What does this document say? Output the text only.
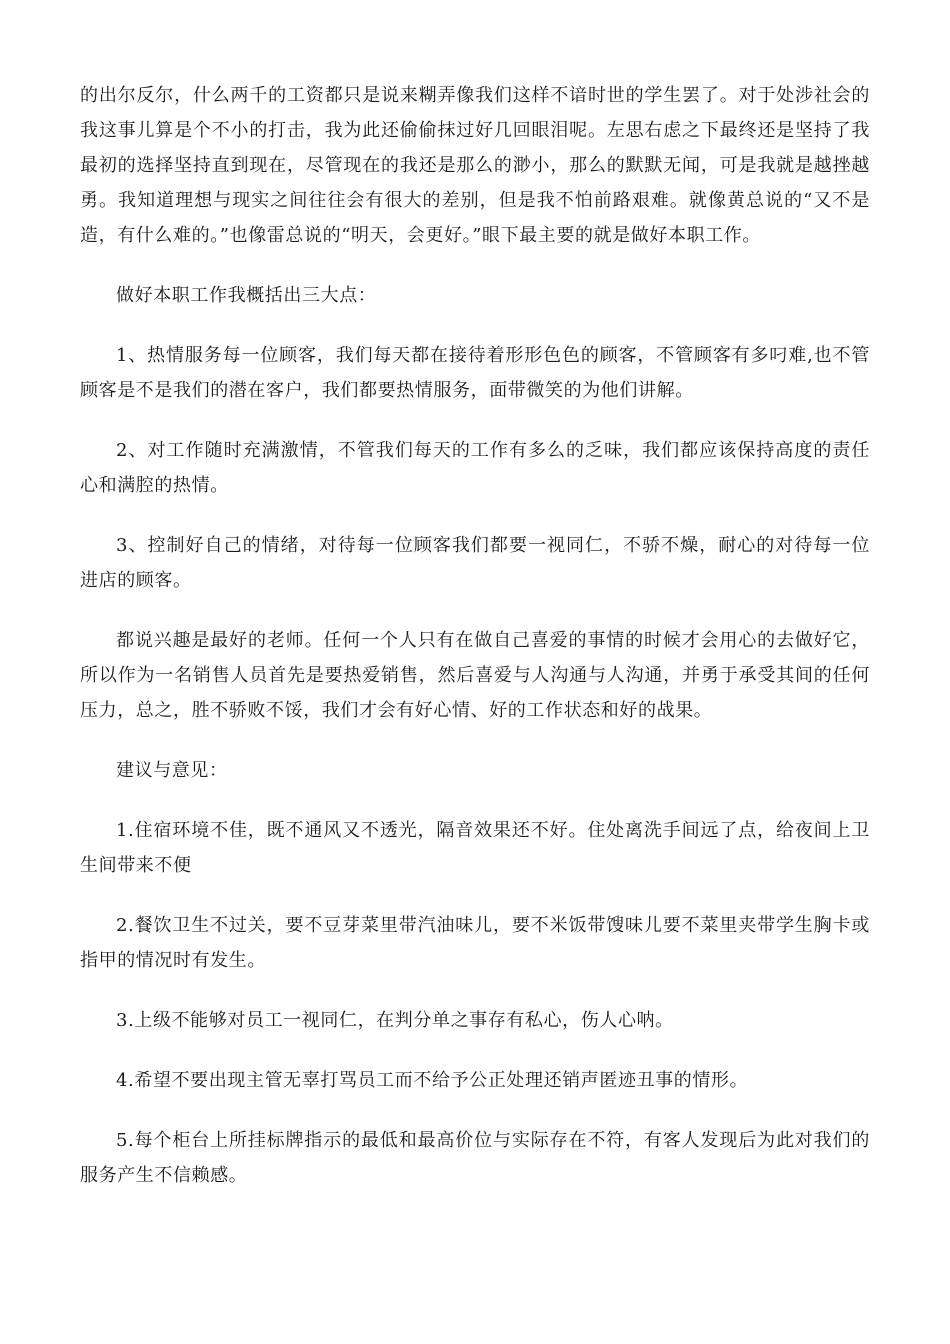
的出尔反尔，什么两千的工资都只是说来糊弄像我们这样不谙时世的学生罢了。对于处涉社会的我这事儿算是个不小的打击，我为此还偷偷抹过好几回眼泪呢。左思右虑之下最终还是坚持了我最初的选择坚持直到现在，尽管现在的我还是那么的渺小，那么的默默无闻，可是我就是越挫越勇。我知道理想与现实之间往往会有很大的差别，但是我不怕前路艰难。就像黄总说的“又不是造，有什么难的。”也像雷总说的“明天，会更好。”眼下最主要的就是做好本职工作。

做好本职工作我概括出三大点：

1、热情服务每一位顾客，我们每天都在接待着形形色色的顾客，不管顾客有多叼难,也不管顾客是不是我们的潜在客户，我们都要热情服务，面带微笑的为他们讲解。

2、对工作随时充满激情，不管我们每天的工作有多么的乏味，我们都应该保持高度的责任心和满腔的热情。

3、控制好自己的情绪，对待每一位顾客我们都要一视同仁，不骄不燥，耐心的对待每一位进店的顾客。

都说兴趣是最好的老师。任何一个人只有在做自己喜爱的事情的时候才会用心的去做好它，所以作为一名销售人员首先是要热爱销售，然后喜爱与人沟通与人沟通，并勇于承受其间的任何压力，总之，胜不骄败不馁，我们才会有好心情、好的工作状态和好的战果。

建议与意见：

1.住宿环境不佳，既不通风又不透光，隔音效果还不好。住处离洗手间远了点，给夜间上卫生间带来不便

2.餐饮卫生不过关，要不豆芽菜里带汽油味儿，要不米饭带馊味儿要不菜里夹带学生胸卡或指甲的情况时有发生。

3.上级不能够对员工一视同仁，在判分单之事存有私心，伤人心呐。

4.希望不要出现主管无辜打骂员工而不给予公正处理还销声匿迹丑事的情形。

5.每个柜台上所挂标牌指示的最低和最高价位与实际存在不符，有客人发现后为此对我们的服务产生不信赖感。
